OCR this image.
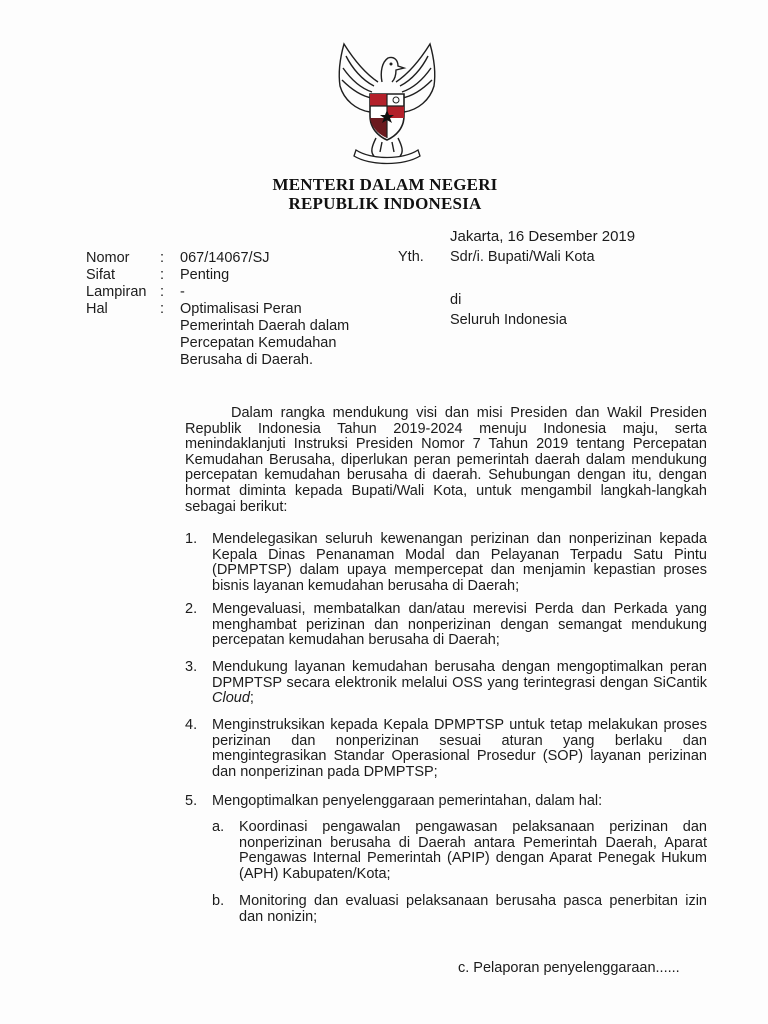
MENTERI DALAM NEGERI
REPUBLIK INDONESIA
Jakarta, 16 Desember 2019
Nomor : 067/14067/SJ
Sifat	: Penting
Lampiran : -
Hal	: Optimalisasi Peran
Pemerintah Daerah dalam
Percepatan Kemudahan
Berusaha di Daerah.
Yth. Sdr/i. Bupati/Wali Kota
di
Seluruh Indonesia
Dalam rangka mendukung visi dan misi Presiden dan Wakil Presiden Republik Indonesia Tahun 2019-2024 menuju Indonesia maju, serta menindaklanjuti Instruksi Presiden Nomor 7 Tahun 2019 tentang Percepatan Kemudahan Berusaha, diperlukan peran pemerintah daerah dalam mendukung percepatan kemudahan berusaha di daerah. Sehubungan dengan itu, dengan hormat diminta kepada Bupati/Wali Kota, untuk mengambil langkah-langkah sebagai berikut:
1. Mendelegasikan seluruh kewenangan perizinan dan nonperizinan kepada Kepala Dinas Penanaman Modal dan Pelayanan Terpadu Satu Pintu (DPMPTSP) dalam upaya mempercepat dan menjamin kepastian proses bisnis layanan kemudahan berusaha di Daerah;
2. Mengevaluasi, membatalkan dan/atau merevisi Perda dan Perkada yang menghambat perizinan dan nonperizinan dengan semangat mendukung percepatan kemudahan berusaha di Daerah;
3. Mendukung layanan kemudahan berusaha dengan mengoptimalkan peran DPMPTSP secara elektronik melalui OSS yang terintegrasi dengan SiCantik Cloud;
4. Menginstruksikan kepada Kepala DPMPTSP untuk tetap melakukan proses perizinan dan nonperizinan sesuai aturan yang berlaku dan mengintegrasikan Standar Operasional Prosedur (SOP) layanan perizinan dan nonperizinan pada DPMPTSP;
5. Mengoptimalkan penyelenggaraan pemerintahan, dalam hal:
a. Koordinasi pengawalan pengawasan pelaksanaan perizinan dan nonperizinan berusaha di Daerah antara Pemerintah Daerah, Aparat Pengawas Internal Pemerintah (APIP) dengan Aparat Penegak Hukum (APH) Kabupaten/Kota;
b. Monitoring dan evaluasi pelaksanaan berusaha pasca penerbitan izin dan nonizin;
c. Pelaporan penyelenggaraan......
